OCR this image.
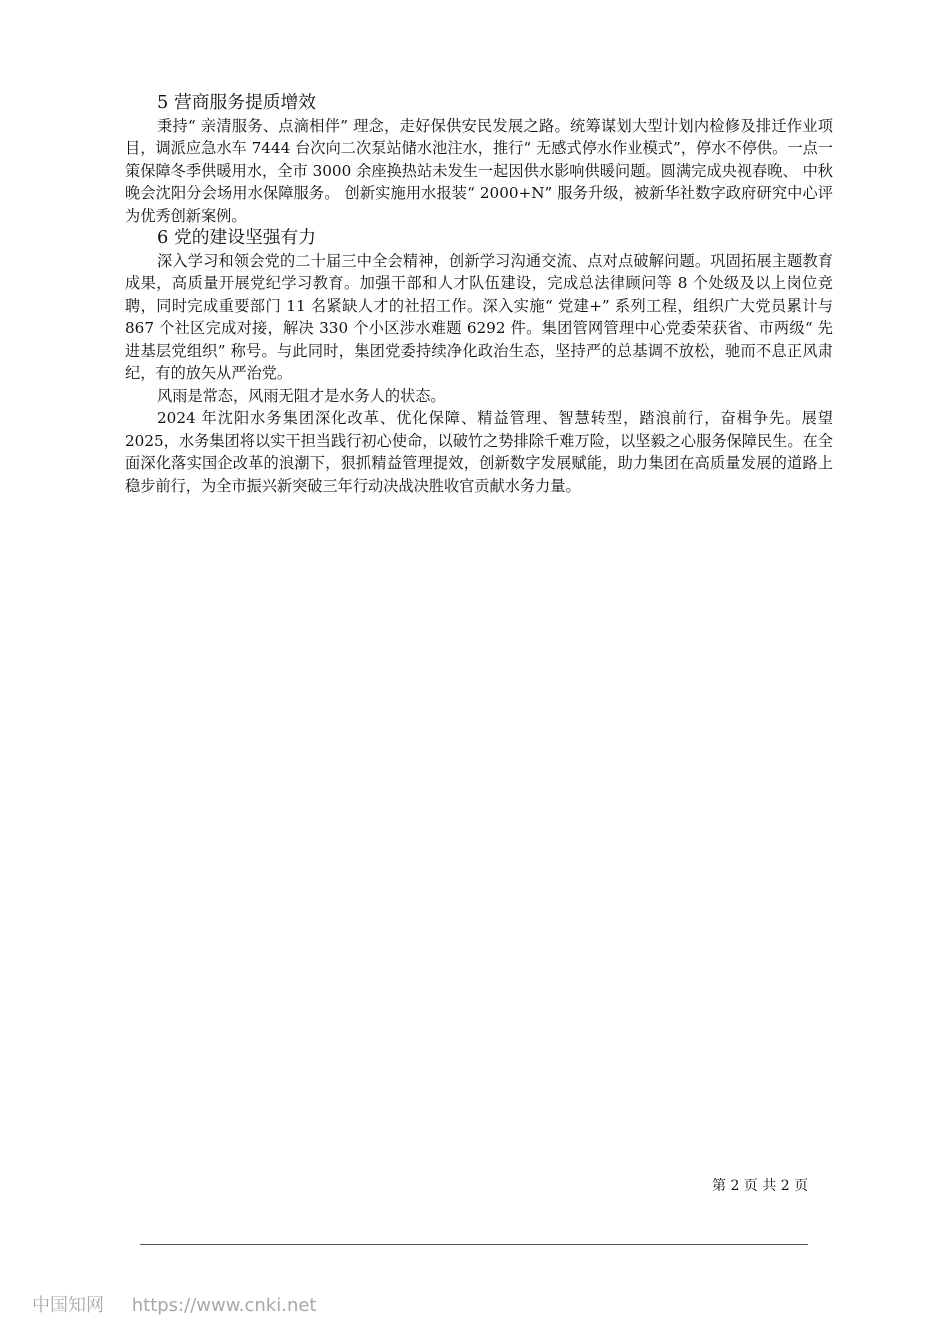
5 营商服务提质增效

秉持“ 亲清服务、点滴相伴” 理念，走好保供安民发展之路。统筹谋划大型计划内检修及排迁作业项目，调派应急水车 7444 台次向二次泵站储水池注水，推行“ 无感式停水作业模式”，停水不停供。一点一策保障冬季供暖用水，全市 3000 余座换热站未发生一起因供水影响供暖问题。圆满完成央视春晚、 中秋晚会沈阳分会场用水保障服务。 创新实施用水报装“ 2000+N” 服务升级，被新华社数字政府研究中心评为优秀创新案例。

6 党的建设坚强有力

深入学习和领会党的二十届三中全会精神，创新学习沟通交流、点对点破解问题。巩固拓展主题教育成果，高质量开展党纪学习教育。加强干部和人才队伍建设，完成总法律顾问等 8 个处级及以上岗位竞聘，同时完成重要部门 11 名紧缺人才的社招工作。深入实施“ 党建+” 系列工程，组织广大党员累计与 867 个社区完成对接，解决 330 个小区涉水难题 6292 件。集团管网管理中心党委荣获省、市两级“ 先进基层党组织” 称号。与此同时，集团党委持续净化政治生态，坚持严的总基调不放松，驰而不息正风肃纪，有的放矢从严治党。

风雨是常态，风雨无阻才是水务人的状态。

2024 年沈阳水务集团深化改革、优化保障、精益管理、智慧转型，踏浪前行，奋楫争先。展望 2025，水务集团将以实干担当践行初心使命，以破竹之势排除千难万险，以坚毅之心服务保障民生。在全面深化落实国企改革的浪潮下，狠抓精益管理提效，创新数字发展赋能，助力集团在高质量发展的道路上稳步前行，为全市振兴新突破三年行动决战决胜收官贡献水务力量。

第 2 页 共 2 页
中国知网 https://www.cnki.net
